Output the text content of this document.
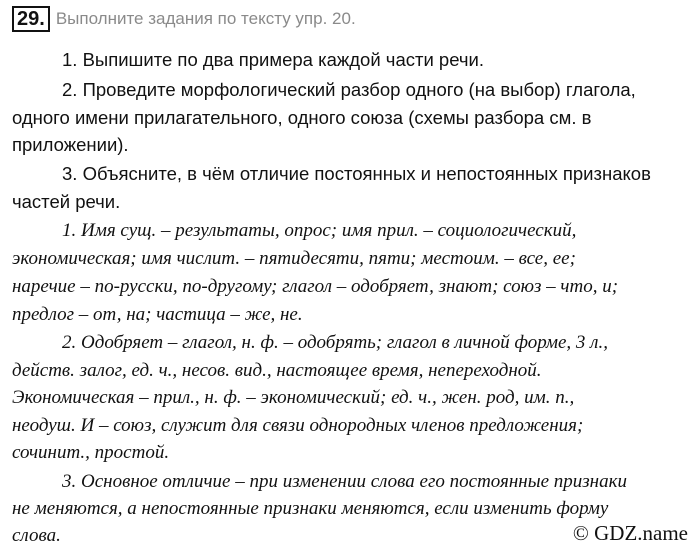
29. Выполните задания по тексту упр. 20.
1. Выпишите по два примера каждой части речи.
2. Проведите морфологический разбор одного (на выбор) глагола,
одного имени прилагательного, одного союза (схемы разбора см. в
приложении).
3. Объясните, в чём отличие постоянных и непостоянных признаков
частей речи.
1. Имя сущ. – результаты, опрос; имя прил. – социологический,
экономическая; имя числит. – пятидесяти, пяти; местоим. – все, ее;
наречие – по-русски, по-другому; глагол – одобряет, знают; союз – что, и;
предлог – от, на; частица – же, не.
2. Одобряет – глагол, н. ф. – одобрять; глагол в личной форме, 3 л.,
действ. залог, ед. ч., несов. вид., настоящее время, непереходной.
Экономическая – прил., н. ф. – экономический; ед. ч., жен. род, им. п.,
неодуш. И – союз, служит для связи однородных членов предложения;
сочинит., простой.
3. Основное отличие – при изменении слова его постоянные признаки
не меняются, а непостоянные признаки меняются, если изменить форму
слова.	© GDZ.name
